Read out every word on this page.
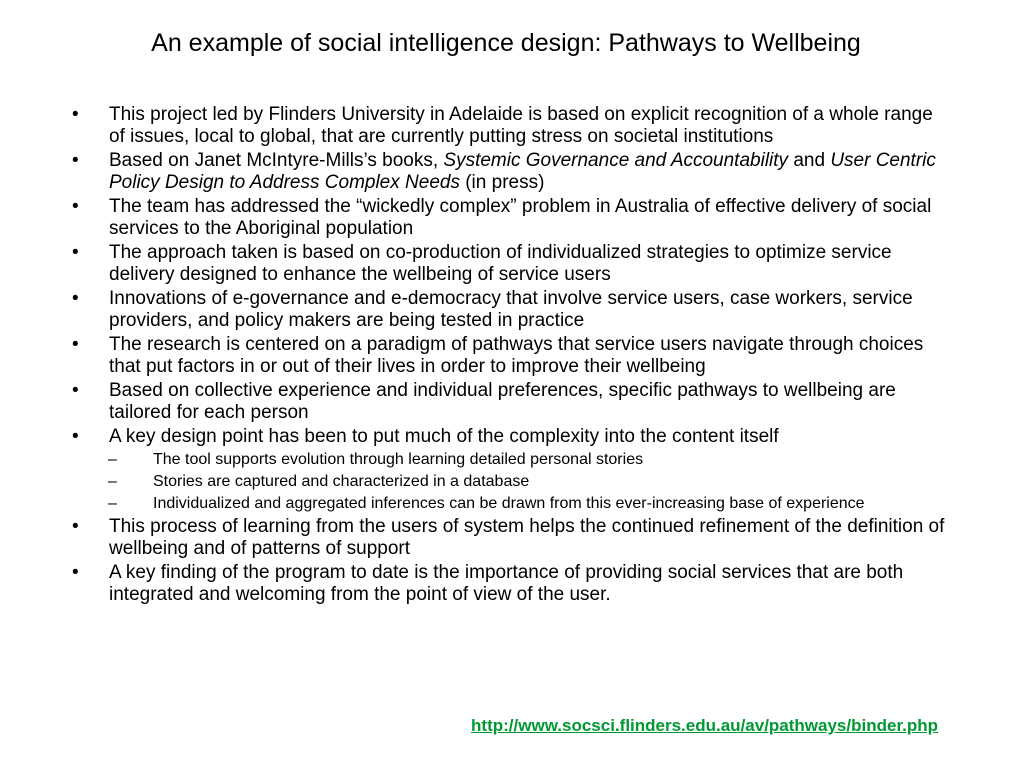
An example of social intelligence design: Pathways to Wellbeing
• This project led by Flinders University in Adelaide is based on explicit recognition of a whole range of issues, local to global, that are currently putting stress on societal institutions
• Based on Janet McIntyre-Mills’s books, Systemic Governance and Accountability and User Centric Policy Design to Address Complex Needs (in press)
• The team has addressed the “wickedly complex” problem in Australia of effective delivery of social services to the Aboriginal population
• The approach taken is based on co-production of individualized strategies to optimize service delivery designed to enhance the wellbeing of service users
• Innovations of e-governance and e-democracy that involve service users, case workers, service providers, and policy makers are being tested in practice
• The research is centered on a paradigm of pathways that service users navigate through choices that put factors in or out of their lives in order to improve their wellbeing
• Based on collective experience and individual preferences, specific pathways to wellbeing are tailored for each person
• A key design point has been to put much of the complexity into the content itself
– The tool supports evolution through learning detailed personal stories
– Stories are captured and characterized in a database
– Individualized and aggregated inferences can be drawn from this ever-increasing base of experience
• This process of learning from the users of system helps the continued refinement of the definition of wellbeing and of patterns of support
• A key finding of the program to date is the importance of providing social services that are both integrated and welcoming from the point of view of the user.
http://www.socsci.flinders.edu.au/av/pathways/binder.php
